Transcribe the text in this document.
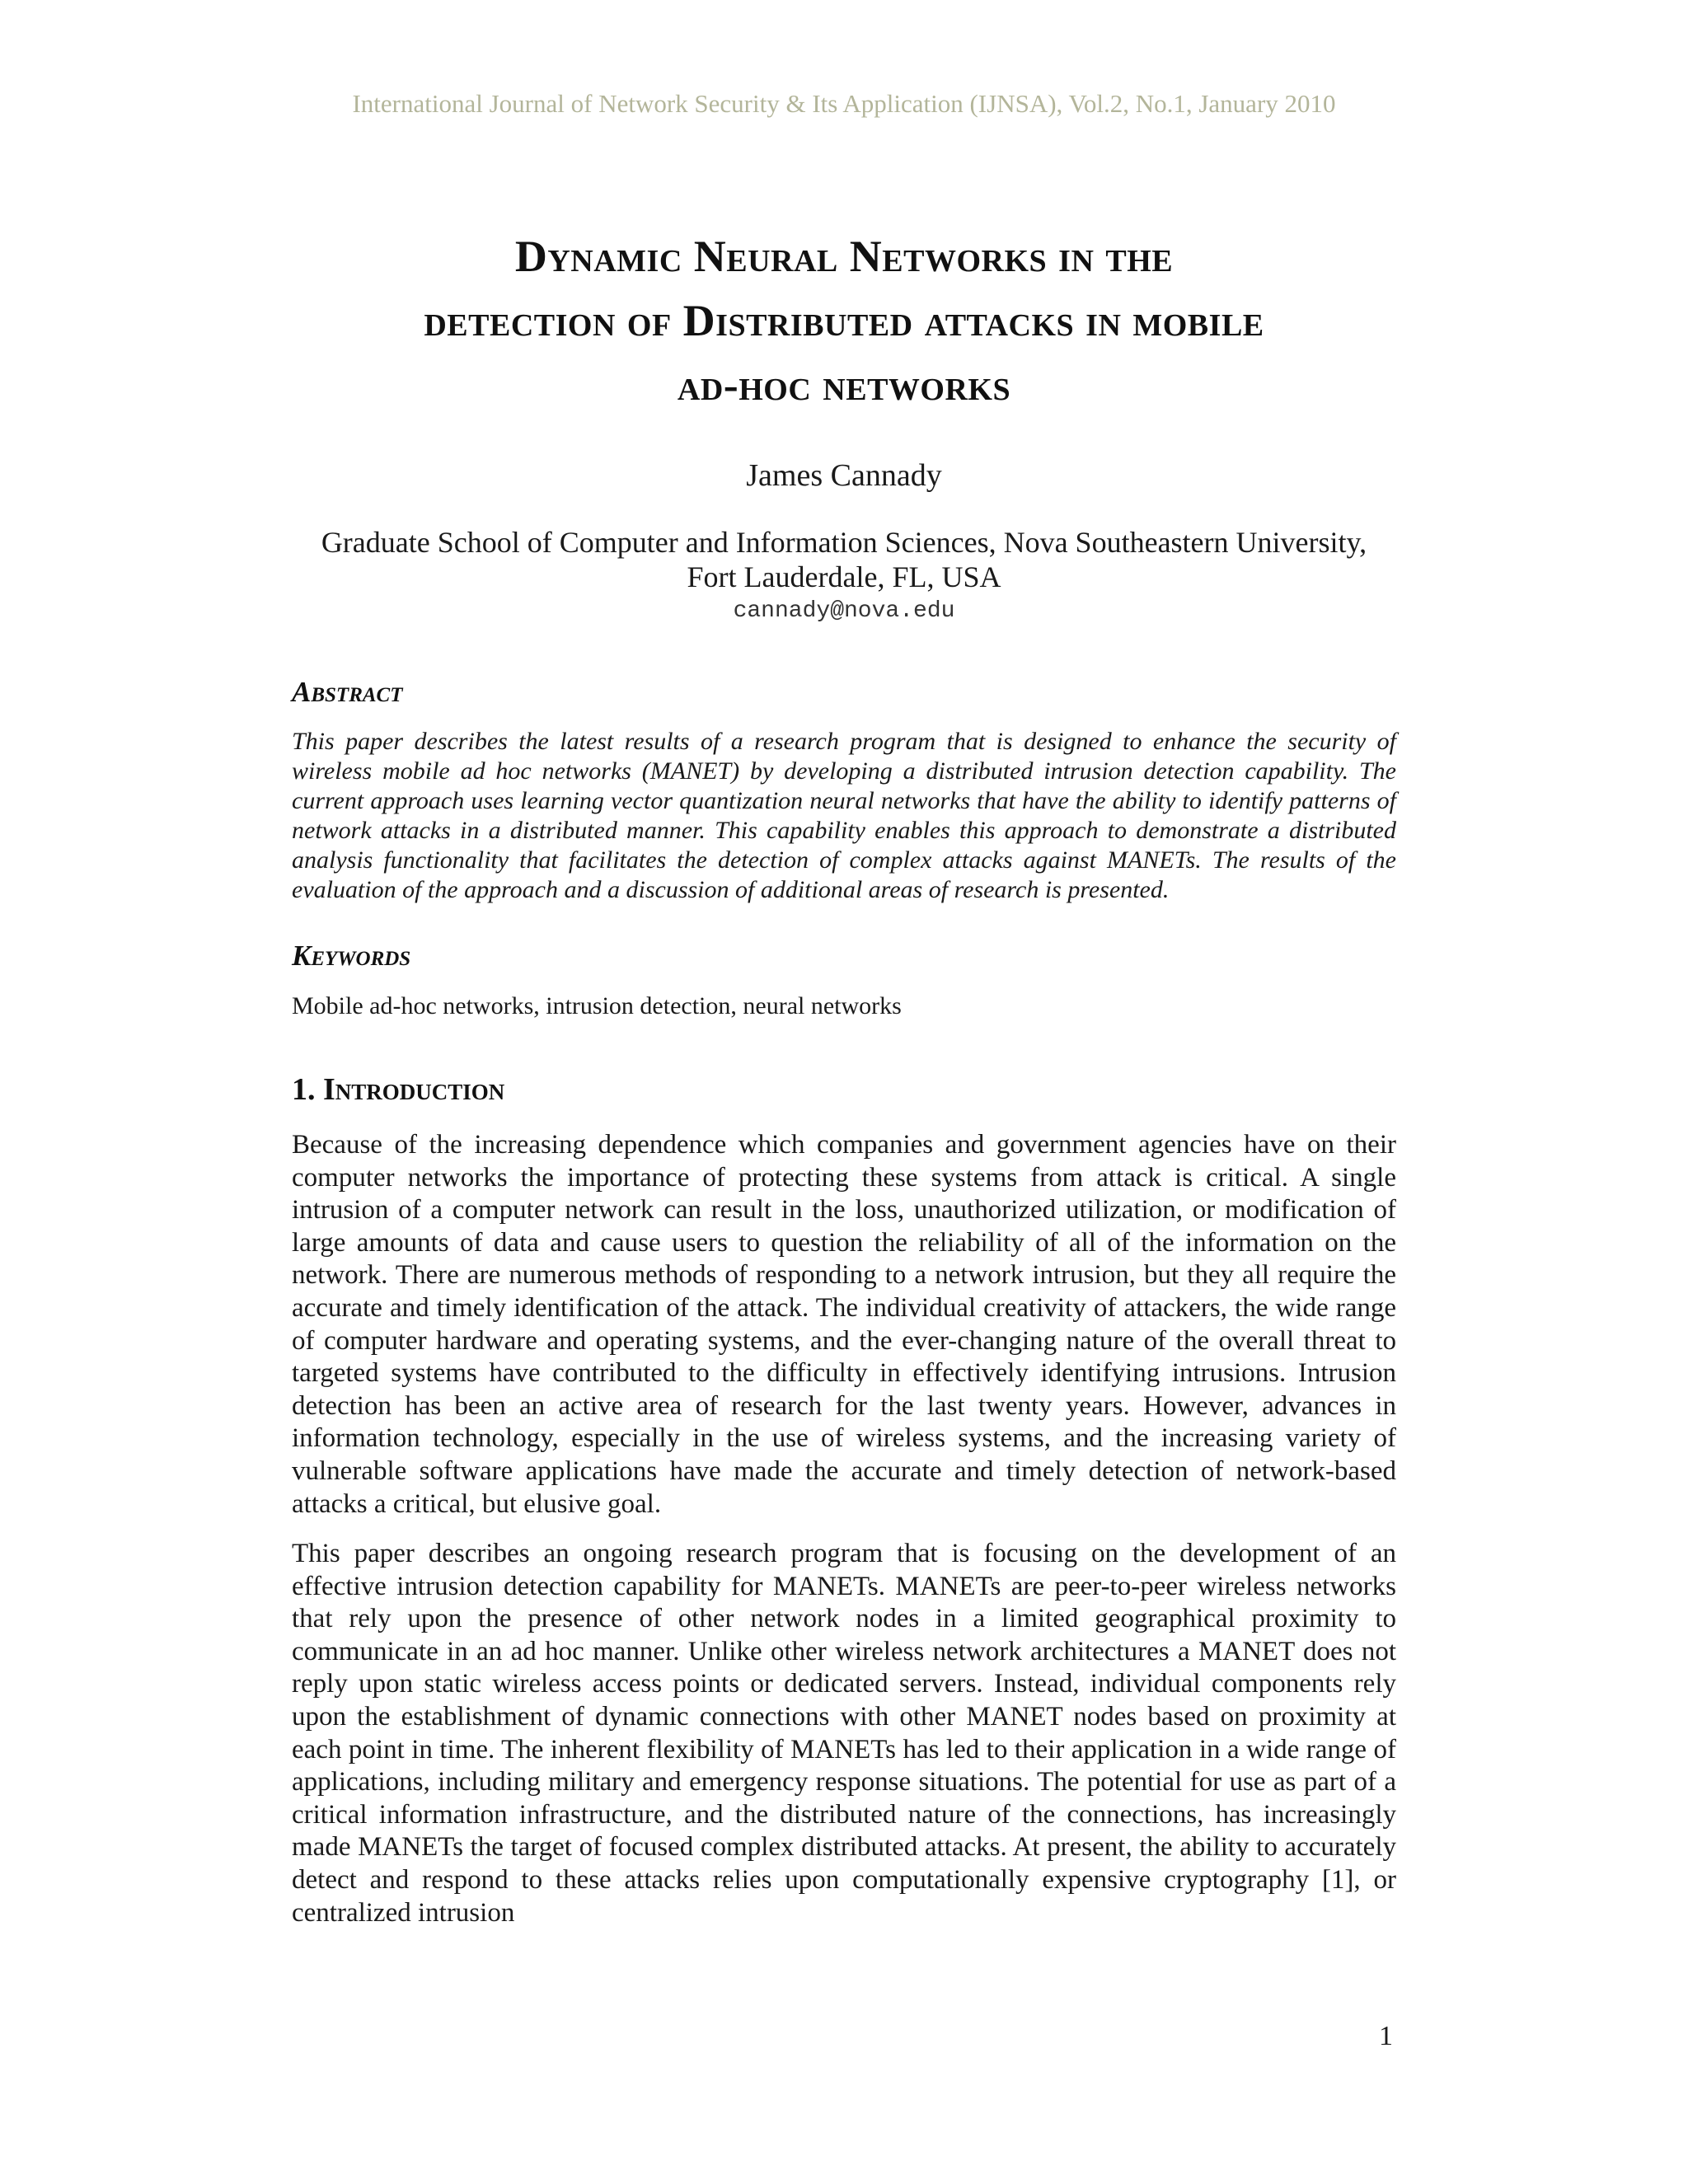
International Journal of Network Security & Its Application (IJNSA), Vol.2, No.1, January 2010
Dynamic Neural Networks in the
detection of Distributed attacks in mobile
ad-hoc networks
James Cannady
Graduate School of Computer and Information Sciences, Nova Southeastern University,
Fort Lauderdale, FL, USA
cannady@nova.edu
Abstract
This paper describes the latest results of a research program that is designed to enhance the security of wireless mobile ad hoc networks (MANET) by developing a distributed intrusion detection capability. The current approach uses learning vector quantization neural networks that have the ability to identify patterns of network attacks in a distributed manner. This capability enables this approach to demonstrate a distributed analysis functionality that facilitates the detection of complex attacks against MANETs. The results of the evaluation of the approach and a discussion of additional areas of research is presented.
Keywords
Mobile ad-hoc networks, intrusion detection, neural networks
1. Introduction
Because of the increasing dependence which companies and government agencies have on their computer networks the importance of protecting these systems from attack is critical. A single intrusion of a computer network can result in the loss, unauthorized utilization, or modification of large amounts of data and cause users to question the reliability of all of the information on the network. There are numerous methods of responding to a network intrusion, but they all require the accurate and timely identification of the attack. The individual creativity of attackers, the wide range of computer hardware and operating systems, and the ever-changing nature of the overall threat to targeted systems have contributed to the difficulty in effectively identifying intrusions. Intrusion detection has been an active area of research for the last twenty years. However, advances in information technology, especially in the use of wireless systems, and the increasing variety of vulnerable software applications have made the accurate and timely detection of network-based attacks a critical, but elusive goal.
This paper describes an ongoing research program that is focusing on the development of an effective intrusion detection capability for MANETs. MANETs are peer-to-peer wireless networks that rely upon the presence of other network nodes in a limited geographical proximity to communicate in an ad hoc manner. Unlike other wireless network architectures a MANET does not reply upon static wireless access points or dedicated servers. Instead, individual components rely upon the establishment of dynamic connections with other MANET nodes based on proximity at each point in time. The inherent flexibility of MANETs has led to their application in a wide range of applications, including military and emergency response situations. The potential for use as part of a critical information infrastructure, and the distributed nature of the connections, has increasingly made MANETs the target of focused complex distributed attacks. At present, the ability to accurately detect and respond to these attacks relies upon computationally expensive cryptography [1], or centralized intrusion
1
